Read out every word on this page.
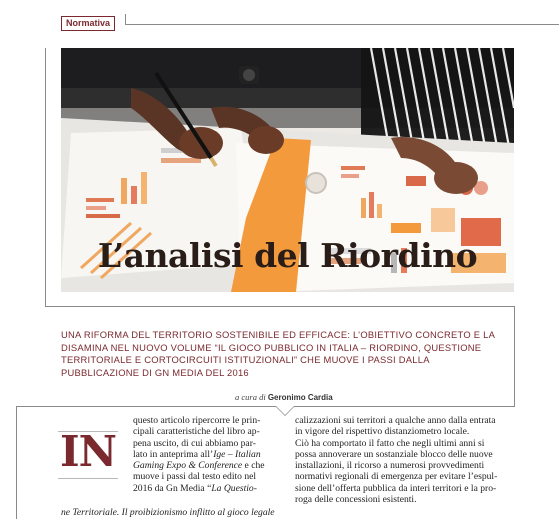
Normativa
L’analisi del Riordino
UNA RIFORMA DEL TERRITORIO SOSTENIBILE ED EFFICACE: L’OBIETTIVO CONCRETO E LA DISAMINA NEL NUOVO VOLUME “IL GIOCO PUBBLICO IN ITALIA – RIORDINO, QUESTIONE TERRITORIALE E CORTOCIRCUITI ISTITUZIONALI” CHE MUOVE I PASSI DALLA PUBBLICAZIONE DI GN MEDIA DEL 2016
a cura di Geronimo Cardia
IN
questo articolo ripercorre le prin-
cipali caratteristiche del libro ap-
pena uscito, di cui abbiamo par-
lato in anteprima all’Ige – Italian
Gaming Expo & Conference e che
muove i passi dal testo edito nel
2016 da Gn Media “La Questio-
ne Territoriale. Il proibizionismo inflitto al gioco legale
calizzazioni sui territori a qualche anno dalla entrata
in vigore del rispettivo distanziometro locale.
Ciò ha comportato il fatto che negli ultimi anni si
possa annoverare un sostanziale blocco delle nuove
installazioni, il ricorso a numerosi provvedimenti
normativi regionali di emergenza per evitare l’espul-
sione dell’offerta pubblica da interi territori e la pro-
roga delle concessioni esistenti.
